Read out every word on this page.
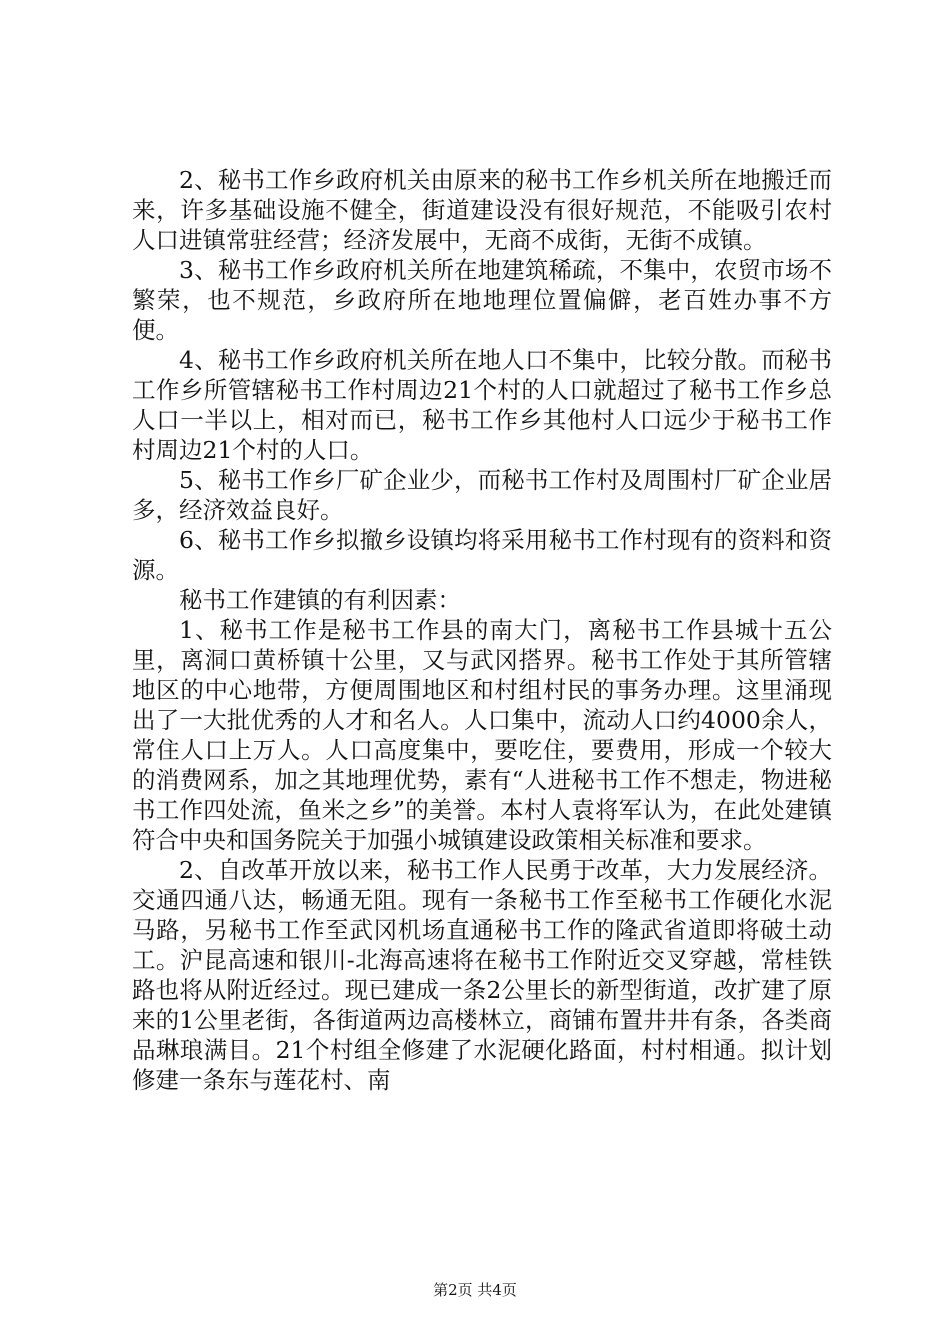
2、秘书工作乡政府机关由原来的秘书工作乡机关所在地搬迁而来，许多基础设施不健全，街道建设没有很好规范，不能吸引农村人口进镇常驻经营；经济发展中，无商不成街，无街不成镇。

3、秘书工作乡政府机关所在地建筑稀疏，不集中，农贸市场不繁荣，也不规范，乡政府所在地地理位置偏僻，老百姓办事不方便。

4、秘书工作乡政府机关所在地人口不集中，比较分散。而秘书工作乡所管辖秘书工作村周边21个村的人口就超过了秘书工作乡总人口一半以上，相对而已，秘书工作乡其他村人口远少于秘书工作村周边21个村的人口。

5、秘书工作乡厂矿企业少，而秘书工作村及周围村厂矿企业居多，经济效益良好。

6、秘书工作乡拟撤乡设镇均将采用秘书工作村现有的资料和资源。

秘书工作建镇的有利因素：

1、秘书工作是秘书工作县的南大门，离秘书工作县城十五公里，离洞口黄桥镇十公里，又与武冈搭界。秘书工作处于其所管辖地区的中心地带，方便周围地区和村组村民的事务办理。这里涌现出了一大批优秀的人才和名人。人口集中，流动人口约4000余人，常住人口上万人。人口高度集中，要吃住，要费用，形成一个较大的消费网系，加之其地理优势，素有“人进秘书工作不想走，物进秘书工作四处流，鱼米之乡”的美誉。本村人袁将军认为，在此处建镇符合中央和国务院关于加强小城镇建设政策相关标准和要求。

2、自改革开放以来，秘书工作人民勇于改革，大力发展经济。交通四通八达，畅通无阻。现有一条秘书工作至秘书工作硬化水泥马路，另秘书工作至武冈机场直通秘书工作的隆武省道即将破土动工。沪昆高速和银川-北海高速将在秘书工作附近交叉穿越，常桂铁路也将从附近经过。现已建成一条2公里长的新型街道，改扩建了原来的1公里老街，各街道两边高楼林立，商铺布置井井有条，各类商品琳琅满目。21个村组全修建了水泥硬化路面，村村相通。拟计划修建一条东与莲花村、南

第2页 共4页
